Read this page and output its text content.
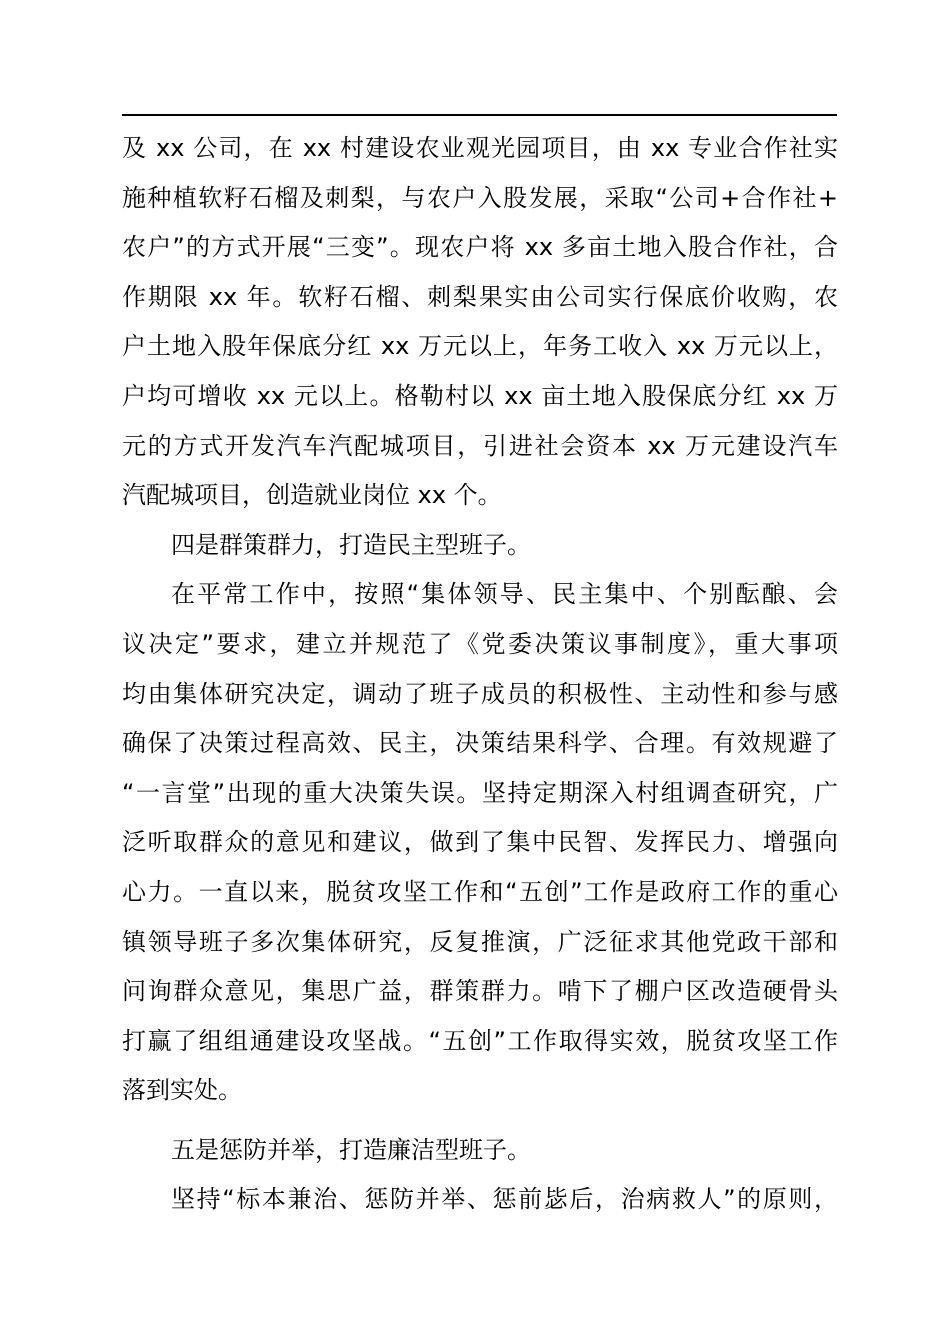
及 xx 公司，在 xx 村建设农业观光园项目，由 xx 专业合作社实
施种植软籽石榴及刺梨，与农户入股发展，采取“公司+合作社+
农户”的方式开展“三变”。现农户将 xx 多亩土地入股合作社，合
作期限 xx 年。软籽石榴、刺梨果实由公司实行保底价收购，农
户土地入股年保底分红 xx 万元以上，年务工收入 xx 万元以上，
户均可增收 xx 元以上。格勒村以 xx 亩土地入股保底分红 xx 万
元的方式开发汽车汽配城项目，引进社会资本 xx 万元建设汽车
汽配城项目，创造就业岗位 xx 个。
四是群策群力，打造民主型班子。
在平常工作中，按照“集体领导、民主集中、个别酝酿、会
议决定”要求，建立并规范了《党委决策议事制度》，重大事项
均由集体研究决定，调动了班子成员的积极性、主动性和参与感
确保了决策过程高效、民主，决策结果科学、合理。有效规避了
“一言堂”出现的重大决策失误。坚持定期深入村组调查研究，广
泛听取群众的意见和建议，做到了集中民智、发挥民力、增强向
心力。一直以来，脱贫攻坚工作和“五创”工作是政府工作的重心
镇领导班子多次集体研究，反复推演，广泛征求其他党政干部和
问询群众意见，集思广益，群策群力。啃下了棚户区改造硬骨头
打赢了组组通建设攻坚战。“五创”工作取得实效，脱贫攻坚工作
落到实处。
五是惩防并举，打造廉洁型班子。
坚持“标本兼治、惩防并举、惩前毖后，治病救人”的原则，
